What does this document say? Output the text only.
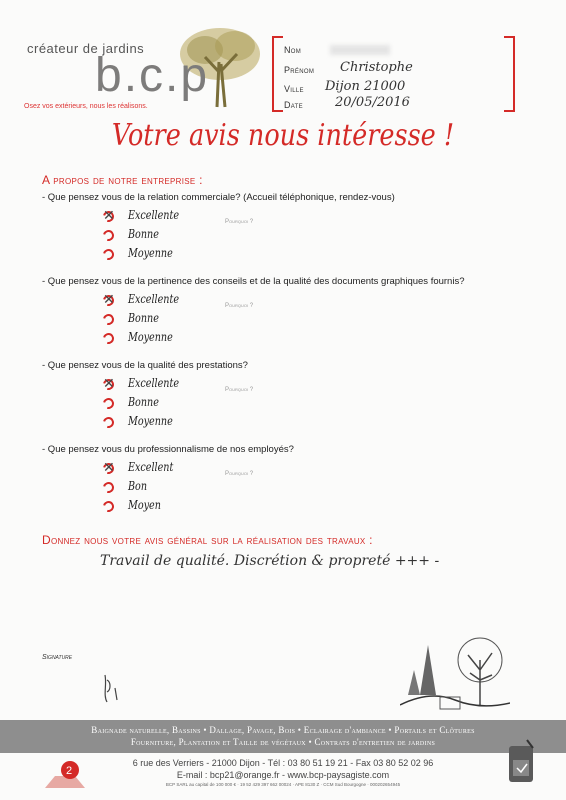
créateur de jardins
b.c.p
Osez vos extérieurs, nous les réalisons.
Nom
Prénom Christophe
Ville Dijon 21000
Date 20/05/2016
Votre avis nous intéresse !
A propos de notre entreprise :
- Que pensez vous de la relation commerciale? (Accueil téléphonique, rendez-vous)
✕ Excellente
Bonne
Moyenne
Pourquoi ?
- Que pensez vous de la pertinence des conseils et de la qualité des documents graphiques fournis?
✕ Excellente
Bonne
Moyenne
Pourquoi ?
- Que pensez vous de la qualité des prestations?
✕ Excellente
Bonne
Moyenne
Pourquoi ?
- Que pensez vous du professionnalisme de nos employés?
✕ Excellent
Bon
Moyen
Pourquoi ?
Donnez nous votre avis général sur la réalisation des travaux :
Travail de qualité. Discrétion & propreté +++ -
Signature
Baignade naturelle, Bassins • Dallage, Pavage, Bois • Eclairage d'ambiance • Portails et Clôtures
Fourniture, Plantation et Taille de végétaux • Contrats d'entretien de jardins
2
6 rue des Verriers - 21000 Dijon - Tél : 03 80 51 19 21 - Fax 03 80 52 02 96
E-mail : bcp21@orange.fr - www.bcp-paysagiste.com
BCP SARL au capital de 100 000 € · 19 52 429 397 662 00024 · APE 8130 Z · CCM Sud Bourgogne · 000202654945
